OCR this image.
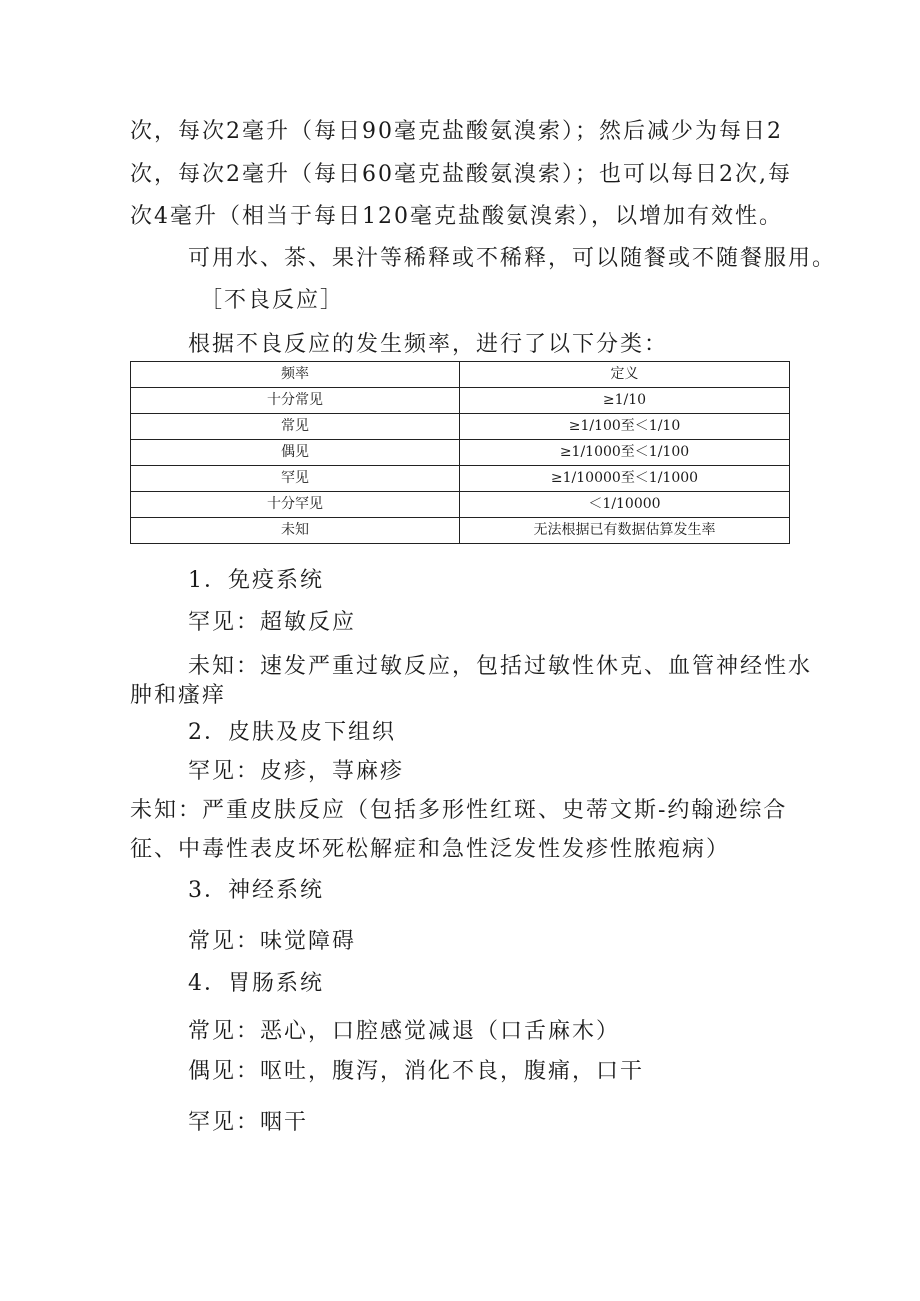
次，每次2毫升（每日90毫克盐酸氨溴索）；然后减少为每日2
次，每次2毫升（每日60毫克盐酸氨溴索）；也可以每日2次,每
次4毫升（相当于每日120毫克盐酸氨溴索），以增加有效性。
可用水、茶、果汁等稀释或不稀释，可以随餐或不随餐服用。
［不良反应］
根据不良反应的发生频率，进行了以下分类：
频率	定义
十分常见	≥1/10
常见	≥1/100至＜1/10
偶见	≥1/1000至＜1/100
罕见	≥1/10000至＜1/1000
十分罕见	＜1/10000
未知	无法根据已有数据估算发生率
1．免疫系统
罕见：超敏反应
未知：速发严重过敏反应，包括过敏性休克、血管神经性水
肿和瘙痒
2．皮肤及皮下组织
罕见：皮疹，荨麻疹
未知：严重皮肤反应（包括多形性红斑、史蒂文斯-约翰逊综合
征、中毒性表皮坏死松解症和急性泛发性发疹性脓疱病）
3．神经系统
常见：味觉障碍
4．胃肠系统
常见：恶心，口腔感觉减退（口舌麻木）
偶见：呕吐，腹泻，消化不良，腹痛，口干
罕见：咽干
